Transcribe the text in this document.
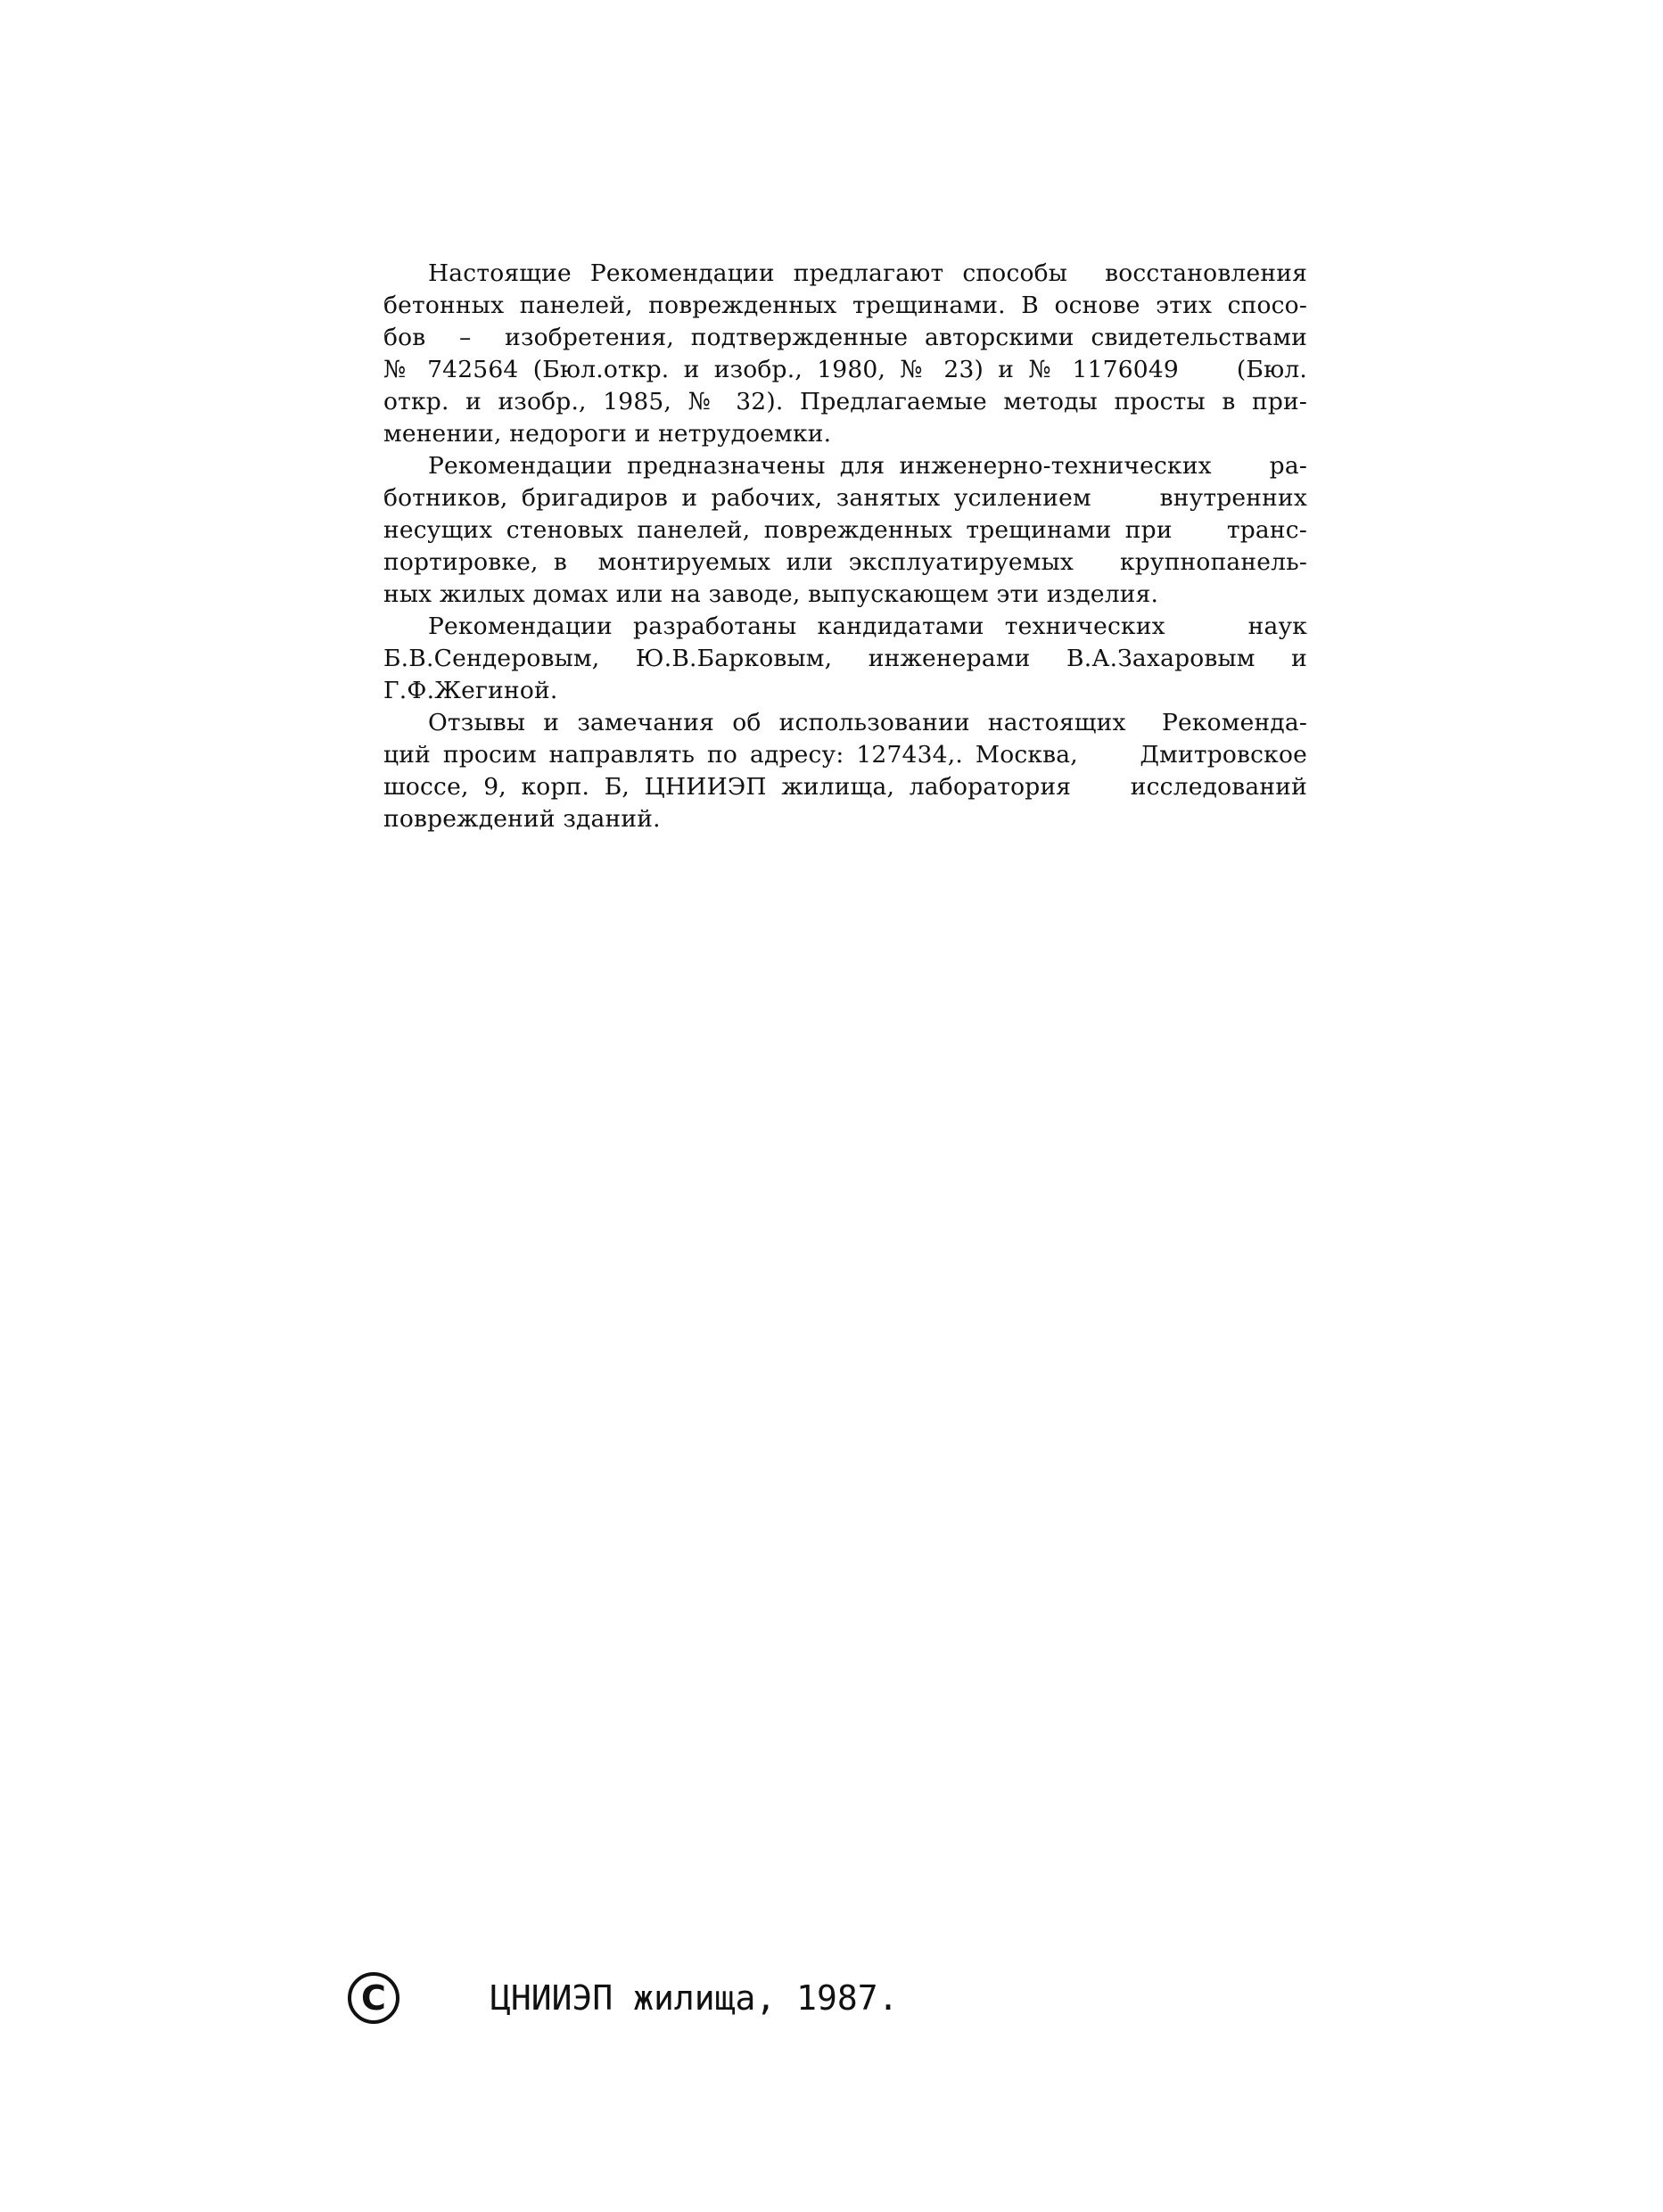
Настоящие Рекомендации предлагают способы  восстановления
бетонных панелей, поврежденных трещинами. В основе этих спосо-
бов  –  изобретения, подтвержденные авторскими свидетельствами
№ 742564 (Бюл.откр. и изобр., 1980, № 23) и № 1176049    (Бюл.
откр. и изобр., 1985, № 32). Предлагаемые методы просты в при-
менении, недороги и нетрудоемки.
Рекомендации предназначены для инженерно-технических    ра-
ботников, бригадиров и рабочих, занятых усилением     внутренних
несущих стеновых панелей, поврежденных трещинами при    транс-
портировке, в  монтируемых или эксплуатируемых   крупнопанель-
ных жилых домах или на заводе, выпускающем эти изделия.
Рекомендации разработаны кандидатами технических    наук
Б.В.Сендеровым,  Ю.В.Барковым,  инженерами  В.А.Захаровым  и
Г.Ф.Жегиной.
Отзывы и замечания об использовании настоящих  Рекоменда-
ций просим направлять по адресу: 127434,. Москва,     Дмитровское
шоссе, 9, корп. Б, ЦНИИЭП жилища, лаборатория    исследований
повреждений зданий.
C	ЦНИИЭП жилища, 1987.
